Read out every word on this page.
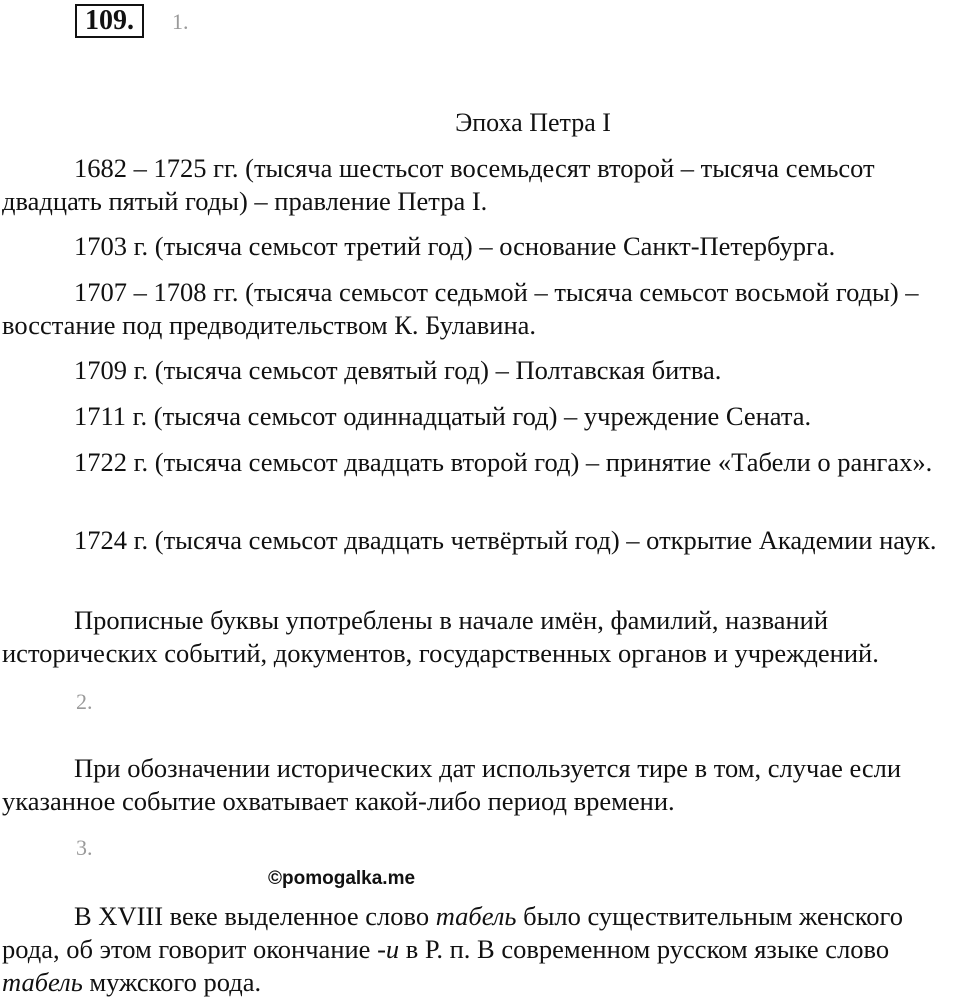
109.	1.
Эпоха Петра I

1682 – 1725 гг. (тысяча шестьсот восемьдесят второй – тысяча семьсот двадцать пятый годы) – правление Петра I.

1703 г. (тысяча семьсот третий год) – основание Санкт-Петербурга.

1707 – 1708 гг. (тысяча семьсот седьмой – тысяча семьсот восьмой годы) – восстание под предводительством К. Булавина.

1709 г. (тысяча семьсот девятый год) – Полтавская битва.

1711 г. (тысяча семьсот одиннадцатый год) – учреждение Сената.

1722 г. (тысяча семьсот двадцать второй год) – принятие «Табели о рангах».

1724 г. (тысяча семьсот двадцать четвёртый год) – открытие Академии наук.

Прописные буквы употреблены в начале имён, фамилий, названий исторических событий, документов, государственных органов и учреждений.

2.

При обозначении исторических дат используется тире в том, случае если указанное событие охватывает какой-либо период времени.

3.
©pomogalka.me

В XVIII веке выделенное слово табель было существительным женского рода, об этом говорит окончание -и в Р. п. В современном русском языке слово табель мужского рода.
